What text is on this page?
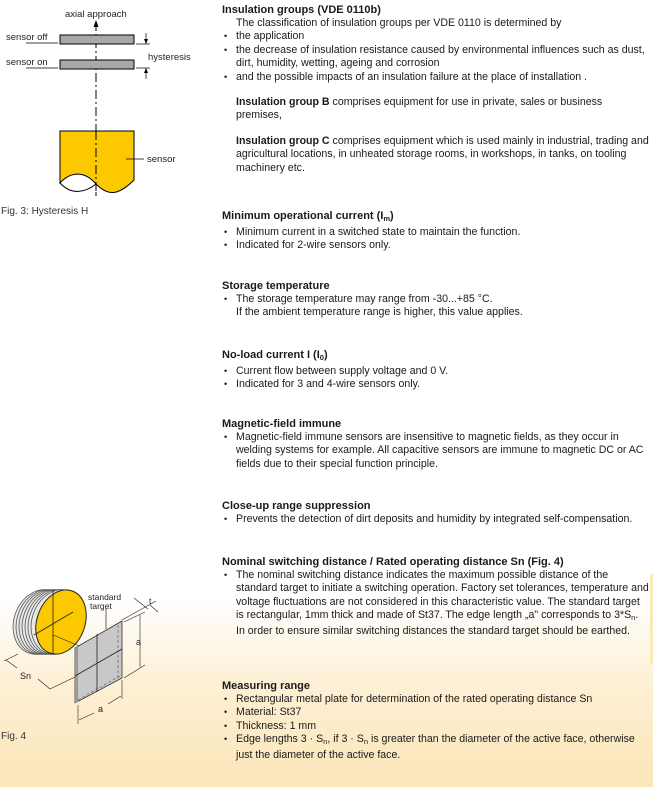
axial approach
sensor off
sensor on	hysteresis
sensor
Fig. 3: Hysteresis H
standard
target	t
a
a
Sn
Fig. 4
Insulation groups (VDE 0110b)

The classification of insulation groups per VDE 0110 is determined by

• the application
• the decrease of insulation resistance caused by environmental influences such as dust, dirt, humidity, wetting, ageing and corrosion
• and the possible impacts of an insulation failure at the place of installation .

Insulation group B comprises equipment for use in private, sales or business premises,

Insulation group C comprises equipment which is used mainly in industrial, trading and agricultural locations, in unheated storage rooms, in workshops, in tanks, on tooling machinery etc.

Minimum operational current $(I_m)$
• Minimum current in a switched state to maintain the function.
• Indicated for 2-wire sensors only.
Storage temperature
• The storage temperature may range from -30...+85 °C.

If the ambient temperature range is higher, this value applies.

No-load current I $(I_0)$
• Current flow between supply voltage and 0 V.
• Indicated for 3 and 4-wire sensors only.
Magnetic-field immune
• Magnetic-field immune sensors are insensitive to magnetic fields, as they occur in welding systems for example. All capacitive sensors are immune to magnetic DC or AC fields due to their special function principle.
Close-up range suppression
• Prevents the detection of dirt deposits and humidity by integrated self-compensation.
Nominal switching distance / Rated operating distance Sn (Fig. 4)
• The nominal switching distance indicates the maximum possible distance of the standard target to initiate a switching operation. Factory set tolerances, temperature and voltage fluctuations are not considered in this characteristic value. The standard target is rectangular, 1mm thick and made of St37. The edge length „a" corresponds to $3*S_n$. In order to ensure similar switching distances the standard target should be earthed.
Measuring range
• Rectangular metal plate for determination of the rated operating distance Sn
• Material: St37
• Thickness: 1 mm
• Edge lengths $3 \cdot S_n$, if $3 \cdot S_n$ is greater than the diameter of the active face, otherwise just the diameter of the active face.
